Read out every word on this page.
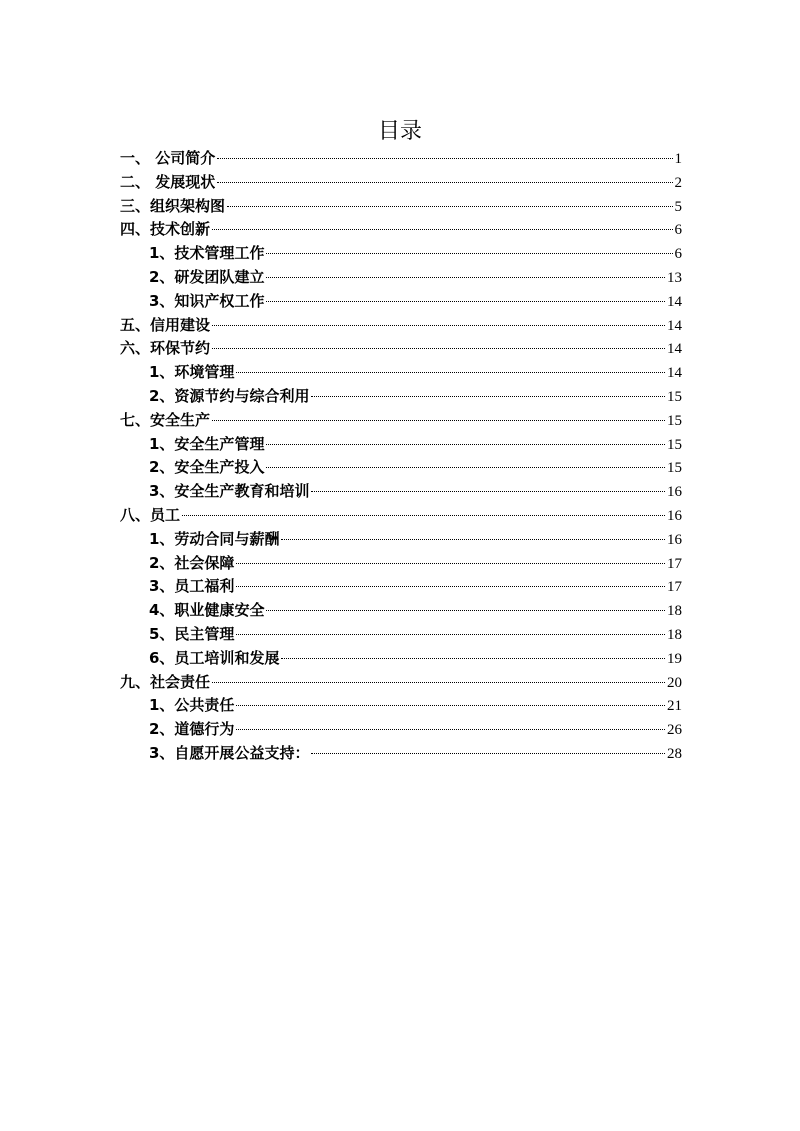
目录
一、 公司简介	1
二、 发展现状	2
三、组织架构图	5
四、技术创新	6
1、技术管理工作	6
2、研发团队建立	13
3、知识产权工作	14
五、信用建设	14
六、环保节约	14
1、环境管理	14
2、资源节约与综合利用	15
七、安全生产	15
1、安全生产管理	15
2、安全生产投入	15
3、安全生产教育和培训	16
八、员工	16
1、劳动合同与薪酬	16
2、社会保障	17
3、员工福利	17
4、职业健康安全	18
5、民主管理	18
6、员工培训和发展	19
九、社会责任	20
1、公共责任	21
2、道德行为	26
3、自愿开展公益支持：	28
